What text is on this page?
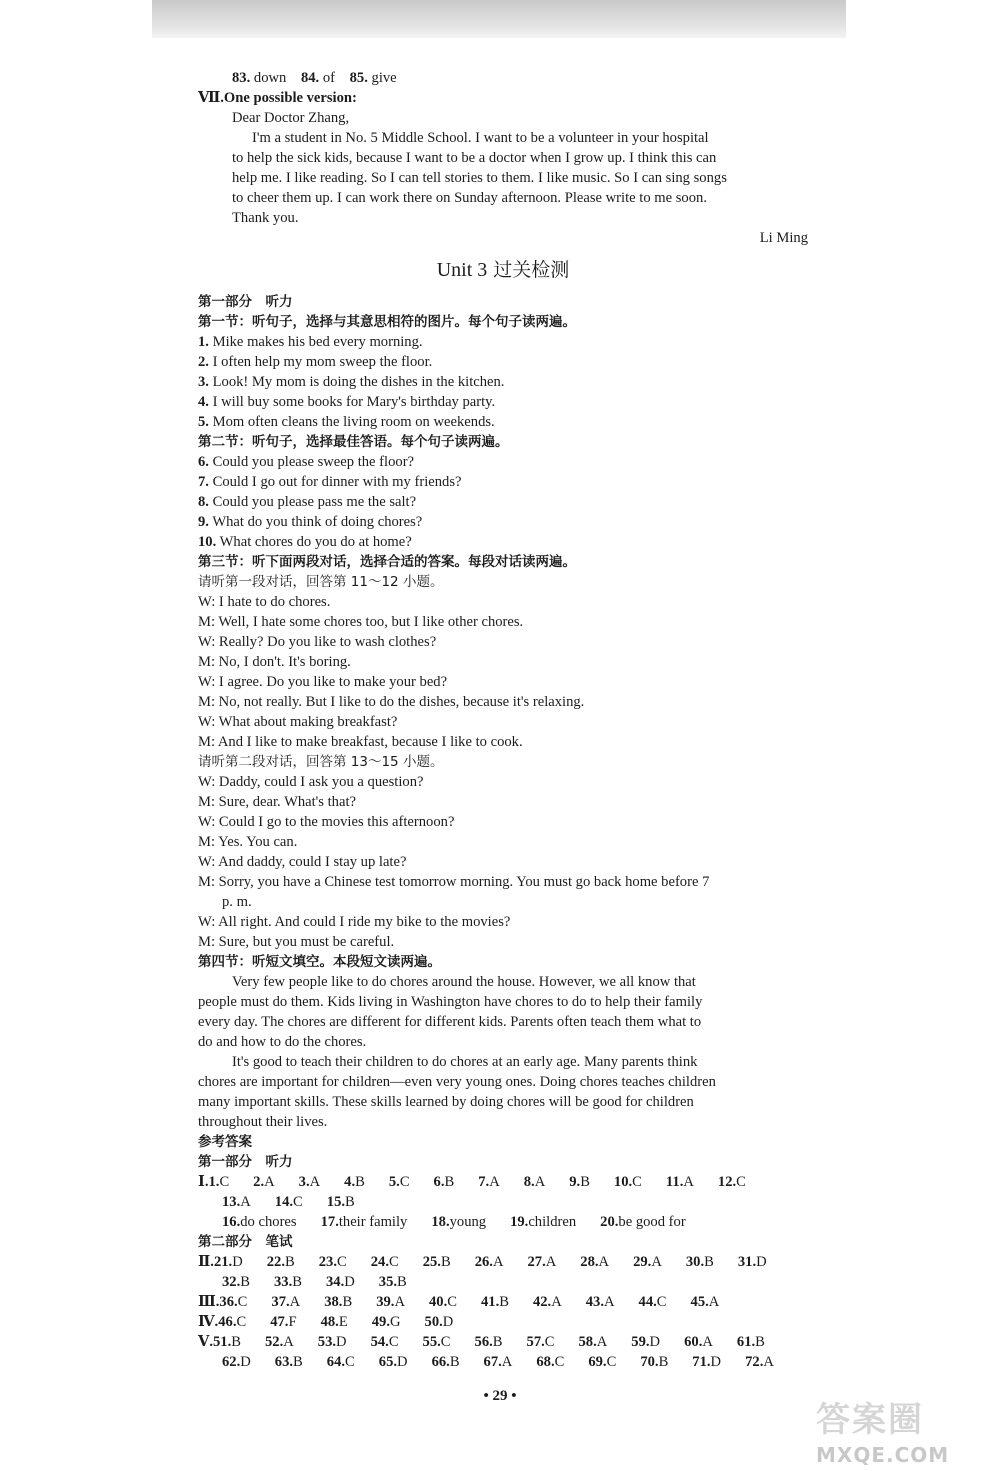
83. down 84. of 85. give
Ⅶ.One possible version:
Dear Doctor Zhang,
I'm a student in No. 5 Middle School. I want to be a volunteer in your hospital
to help the sick kids, because I want to be a doctor when I grow up. I think this can
help me. I like reading. So I can tell stories to them. I like music. So I can sing songs
to cheer them up. I can work there on Sunday afternoon. Please write to me soon.
Thank you.
Li Ming
Unit 3 过关检测
第一部分　听力
第一节：听句子，选择与其意思相符的图片。每个句子读两遍。
1. Mike makes his bed every morning.
2. I often help my mom sweep the floor.
3. Look! My mom is doing the dishes in the kitchen.
4. I will buy some books for Mary's birthday party.
5. Mom often cleans the living room on weekends.
第二节：听句子，选择最佳答语。每个句子读两遍。
6. Could you please sweep the floor?
7. Could I go out for dinner with my friends?
8. Could you please pass me the salt?
9. What do you think of doing chores?
10. What chores do you do at home?
第三节：听下面两段对话，选择合适的答案。每段对话读两遍。
请听第一段对话，回答第 11～12 小题。
W: I hate to do chores.
M: Well, I hate some chores too, but I like other chores.
W: Really? Do you like to wash clothes?
M: No, I don't. It's boring.
W: I agree. Do you like to make your bed?
M: No, not really. But I like to do the dishes, because it's relaxing.
W: What about making breakfast?
M: And I like to make breakfast, because I like to cook.
请听第二段对话，回答第 13～15 小题。
W: Daddy, could I ask you a question?
M: Sure, dear. What's that?
W: Could I go to the movies this afternoon?
M: Yes. You can.
W: And daddy, could I stay up late?
M: Sorry, you have a Chinese test tomorrow morning. You must go back home before 7
p. m.
W: All right. And could I ride my bike to the movies?
M: Sure, but you must be careful.
第四节：听短文填空。本段短文读两遍。
Very few people like to do chores around the house. However, we all know that
people must do them. Kids living in Washington have chores to do to help their family
every day. The chores are different for different kids. Parents often teach them what to
do and how to do the chores.
It's good to teach their children to do chores at an early age. Many parents think
chores are important for children—even very young ones. Doing chores teaches children
many important skills. These skills learned by doing chores will be good for children
throughout their lives.
参考答案
第一部分　听力
Ⅰ.1.C 2.A 3.A 4.B 5.C 6.B 7.A 8.A 9.B 10.C 11.A 12.C
13.A 14.C 15.B
16.do chores 17.their family 18.young 19.children 20.be good for
第二部分　笔试
Ⅱ.21.D 22.B 23.C 24.C 25.B 26.A 27.A 28.A 29.A 30.B 31.D
32.B 33.B 34.D 35.B
Ⅲ.36.C 37.A 38.B 39.A 40.C 41.B 42.A 43.A 44.C 45.A
Ⅳ.46.C 47.F 48.E 49.G 50.D
Ⅴ.51.B 52.A 53.D 54.C 55.C 56.B 57.C 58.A 59.D 60.A 61.B
62.D 63.B 64.C 65.D 66.B 67.A 68.C 69.C 70.B 71.D 72.A
• 29 •
答案圈
MXQE.COM
